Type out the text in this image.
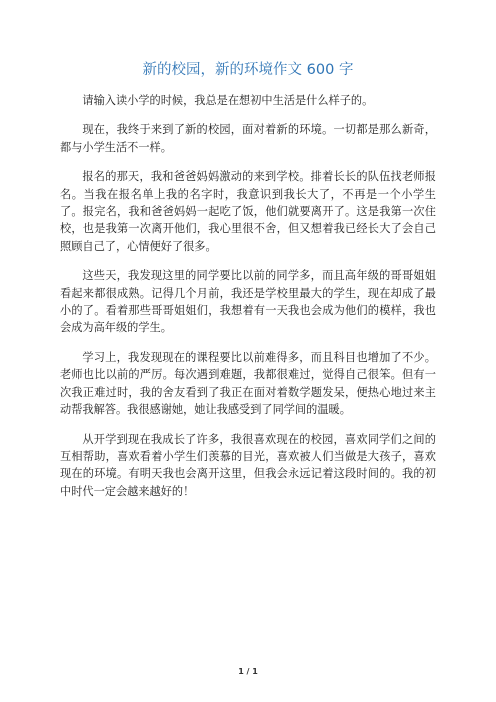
新的校园，新的环境作文 600 字

请输入读小学的时候，我总是在想初中生活是什么样子的。

现在，我终于来到了新的校园，面对着新的环境。一切都是那么新奇，都与小学生活不一样。

报名的那天，我和爸爸妈妈激动的来到学校。排着长长的队伍找老师报名。当我在报名单上我的名字时，我意识到我长大了，不再是一个小学生了。报完名，我和爸爸妈妈一起吃了饭，他们就要离开了。这是我第一次住校，也是我第一次离开他们，我心里很不舍，但又想着我已经长大了会自己照顾自己了，心情便好了很多。

这些天，我发现这里的同学要比以前的同学多，而且高年级的哥哥姐姐看起来都很成熟。记得几个月前，我还是学校里最大的学生，现在却成了最小的了。看着那些哥哥姐姐们，我想着有一天我也会成为他们的模样，我也会成为高年级的学生。

学习上，我发现现在的课程要比以前难得多，而且科目也增加了不少。老师也比以前的严厉。每次遇到难题，我都很难过，觉得自己很笨。但有一次我正难过时，我的舍友看到了我正在面对着数学题发呆，便热心地过来主动帮我解答。我很感谢她，她让我感受到了同学间的温暖。

从开学到现在我成长了许多，我很喜欢现在的校园，喜欢同学们之间的互相帮助，喜欢看着小学生们羡慕的目光，喜欢被人们当做是大孩子，喜欢现在的环境。有明天我也会离开这里，但我会永远记着这段时间的。我的初中时代一定会越来越好的！

1 / 1
